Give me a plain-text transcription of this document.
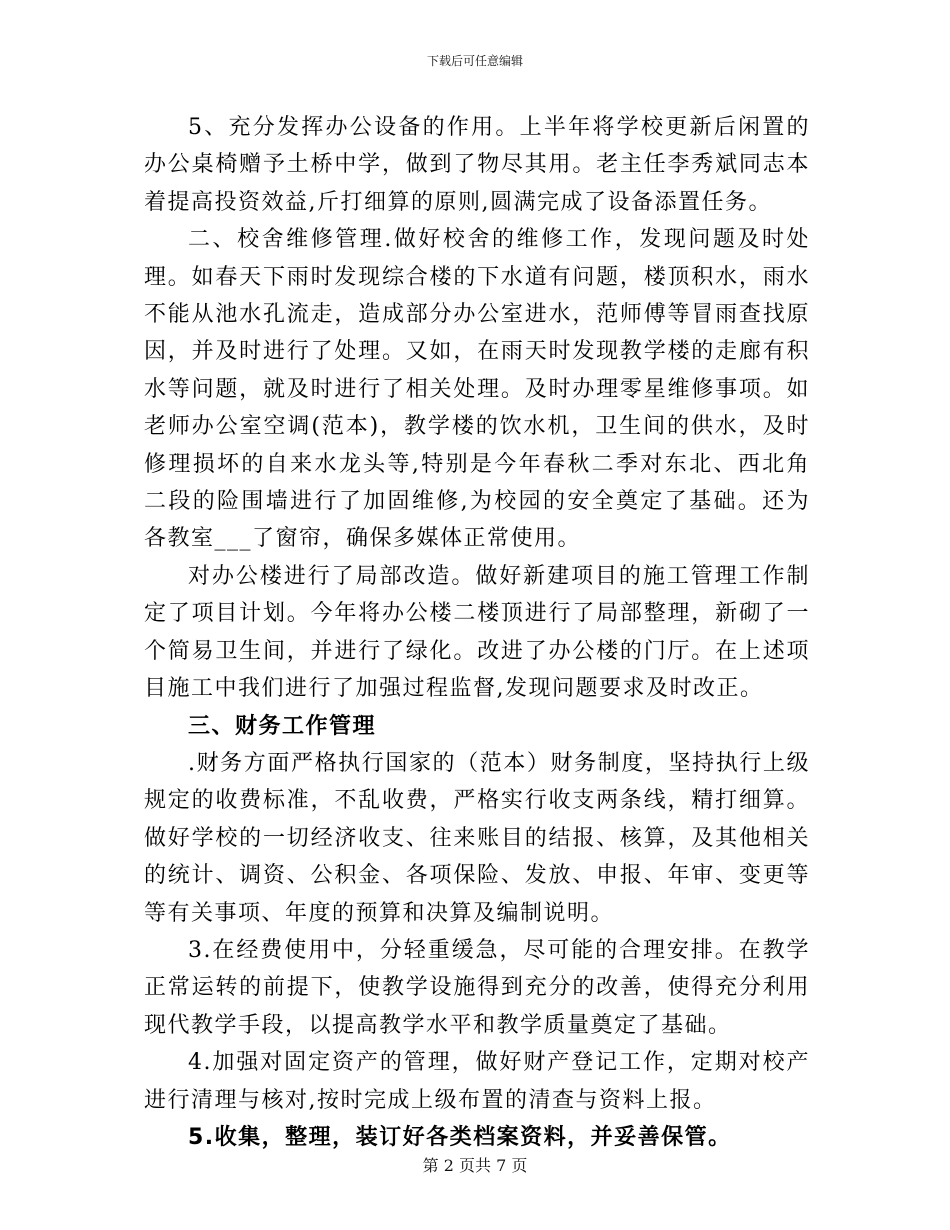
下载后可任意编辑

5、充分发挥办公设备的作用。上半年将学校更新后闲置的办公桌椅赠予土桥中学，做到了物尽其用。老主任李秀斌同志本着提高投资效益,斤打细算的原则,圆满完成了设备添置任务。

二、校舍维修管理.做好校舍的维修工作，发现问题及时处理。如春天下雨时发现综合楼的下水道有问题，楼顶积水，雨水不能从池水孔流走，造成部分办公室进水，范师傅等冒雨查找原因，并及时进行了处理。又如，在雨天时发现教学楼的走廊有积水等问题，就及时进行了相关处理。及时办理零星维修事项。如老师办公室空调(范本)，教学楼的饮水机，卫生间的供水，及时修理损坏的自来水龙头等,特别是今年春秋二季对东北、西北角二段的险围墙进行了加固维修,为校园的安全奠定了基础。还为各教室___了窗帘，确保多媒体正常使用。

对办公楼进行了局部改造。做好新建项目的施工管理工作制定了项目计划。今年将办公楼二楼顶进行了局部整理，新砌了一个简易卫生间，并进行了绿化。改进了办公楼的门厅。在上述项目施工中我们进行了加强过程监督,发现问题要求及时改正。

三、财务工作管理

.财务方面严格执行国家的（范本）财务制度，坚持执行上级规定的收费标准，不乱收费，严格实行收支两条线，精打细算。做好学校的一切经济收支、往来账目的结报、核算，及其他相关的统计、调资、公积金、各项保险、发放、申报、年审、变更等等有关事项、年度的预算和决算及编制说明。

3.在经费使用中，分轻重缓急，尽可能的合理安排。在教学正常运转的前提下，使教学设施得到充分的改善，使得充分利用现代教学手段，以提高教学水平和教学质量奠定了基础。

4.加强对固定资产的管理，做好财产登记工作，定期对校产进行清理与核对,按时完成上级布置的清查与资料上报。

5.收集，整理，装订好各类档案资料，并妥善保管。

第 2 页共 7 页
